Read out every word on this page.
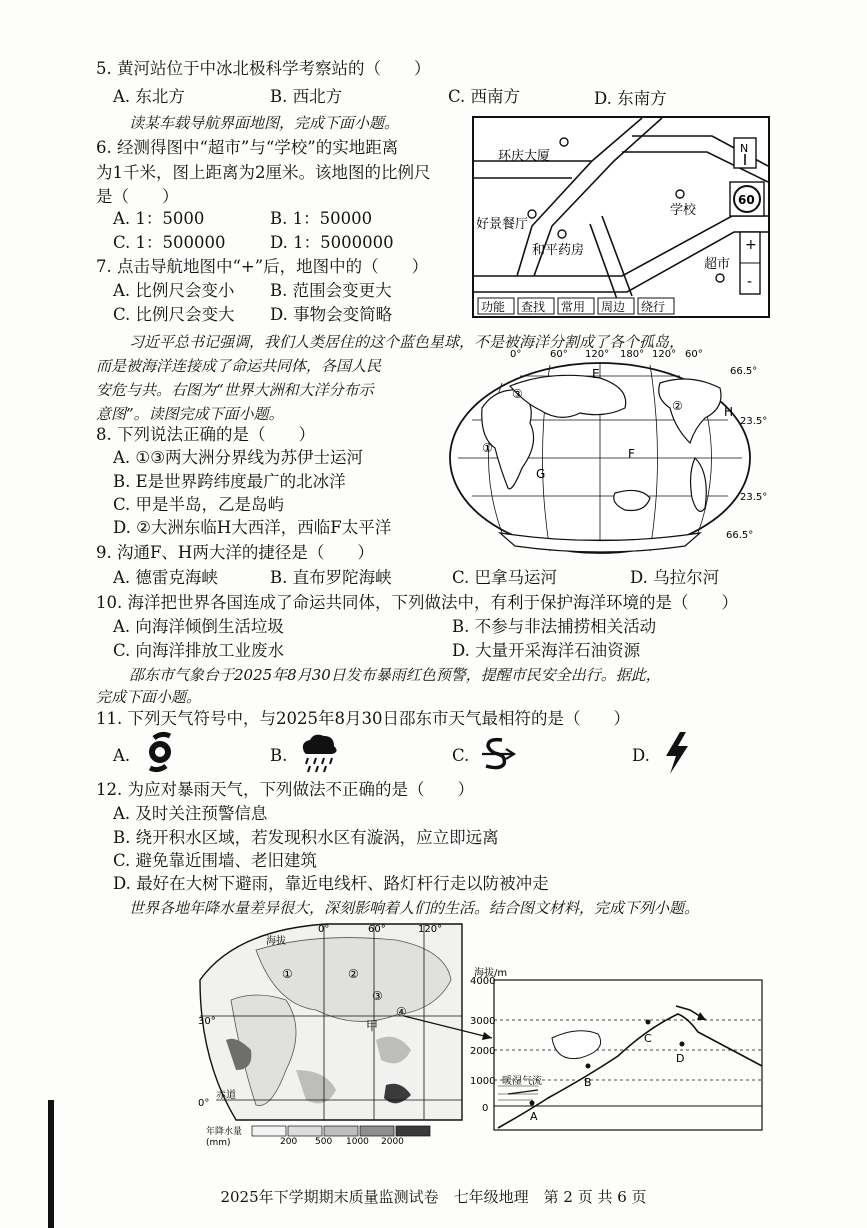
5. 黄河站位于中冰北极科学考察站的（　　）
A. 东北方	B. 西北方	C. 西南方	D. 东南方
读某车载导航界面地图，完成下面小题。
6. 经测得图中“超市”与“学校”的实地距离
为1千米，图上距离为2厘米。该地图的比例尺
是（　　）
A. 1：5000	B. 1：50000
C. 1：500000	D. 1：5000000
7. 点击导航地图中“+”后，地图中的（　　）
A. 比例尺会变小 B. 范围会变更大
C. 比例尺会变大 D. 事物会变简略
环庆大厦
学校
好景餐厅
和平药房
超市
N
60
+
-
功能 查找 常用 周边 绕行
习近平总书记强调，我们人类居住的这个蓝色星球，不是被海洋分割成了各个孤岛，
而是被海洋连接成了命运共同体，各国人民
安危与共。右图为“世界大洲和大洋分布示
意图”。读图完成下面小题。
8. 下列说法正确的是（　　）
A. ①③两大洲分界线为苏伊士运河
B. E是世界跨纬度最广的北冰洋
C. 甲是半岛，乙是岛屿
D. ②大洲东临H大西洋，西临F太平洋
0°	60° 120° 180° 120° 60°
66.5°
23.5°
23.5°
66.5°
E
③
②	H
①
G
F
9. 沟通F、H两大洋的捷径是（　　）
A. 德雷克海峡	B. 直布罗陀海峡	C. 巴拿马运河	D. 乌拉尔河
10. 海洋把世界各国连成了命运共同体，下列做法中，有利于保护海洋环境的是（　　）
A. 向海洋倾倒生活垃圾	B. 不参与非法捕捞相关活动
C. 向海洋排放工业废水	D. 大量开采海洋石油资源
邵东市气象台于2025年8月30日发布暴雨红色预警，提醒市民安全出行。据此，
完成下面小题。
11. 下列天气符号中，与2025年8月30日邵东市天气最相符的是（　　）
A.	B.	C.	D.
12. 为应对暴雨天气，下列做法不正确的是（　　）
A. 及时关注预警信息
B. 绕开积水区域，若发现积水区有漩涡，应立即远离
C. 避免靠近围墙、老旧建筑
D. 最好在大树下避雨，靠近电线杆、路灯杆行走以防被冲走
世界各地年降水量差异很大，深刻影响着人们的生活。结合图文材料，完成下列小题。
0°	60°	120°
30°
0°
赤道
海拔
①	②
③
④
甲
年降水量
(mm)	200 500 1000 2000
海拔/m
4000
3000
2000
1000
0
暖湿气流
A
B
C
D
2025年下学期期末质量监测试卷　七年级地理　第 2 页 共 6 页
